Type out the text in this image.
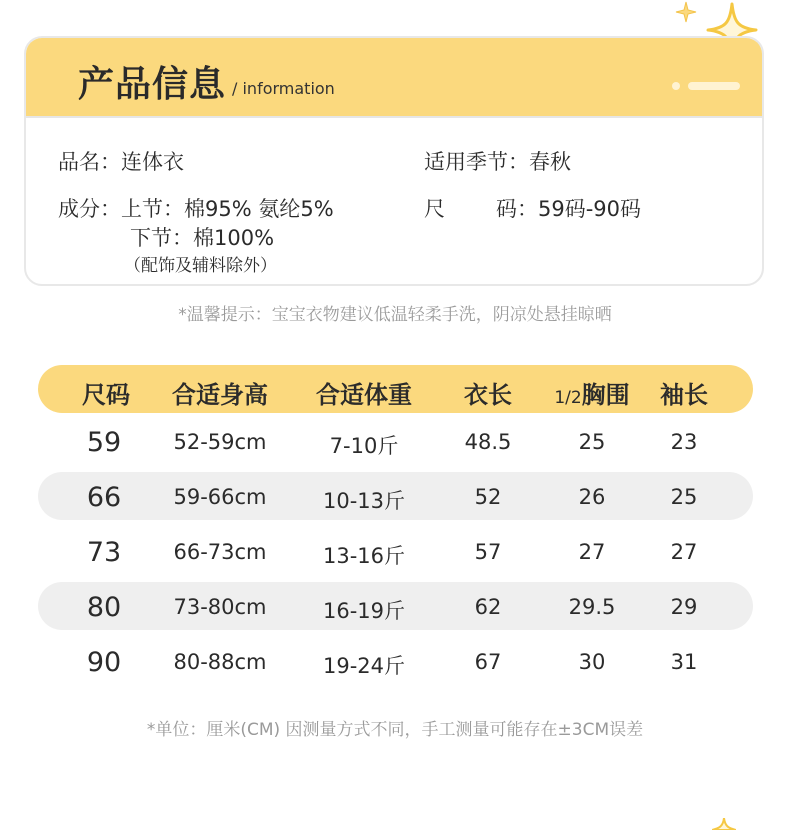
产品信息 / information
品名：连体衣	适用季节：春秋
成分：上节：棉95% 氨纶5%
下节：棉100%
（配饰及辅料除外）
尺 码：59码-90码
*温馨提示：宝宝衣物建议低温轻柔手洗，阴凉处悬挂晾晒
尺码 合适身高 合适体重 衣长 1/2胸围 袖长
59 52-59cm	7-10斤	48.5	25	23
66 59-66cm	10-13斤	52	26	25
73 66-73cm	13-16斤	57	27	27
80 73-80cm	16-19斤	62	29.5	29
90 80-88cm	19-24斤	67	30	31
*单位：厘米(CM) 因测量方式不同，手工测量可能存在±3CM误差
